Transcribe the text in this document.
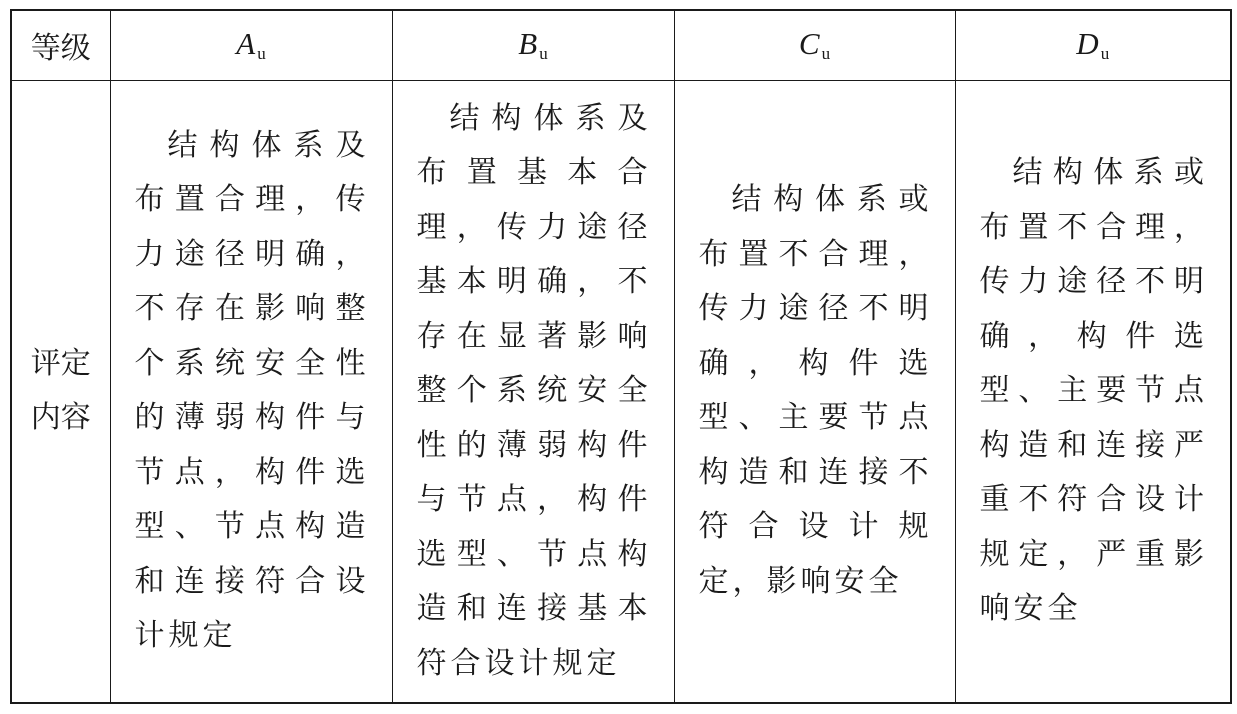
等级	A $_u$	B $_u$	C $_u$	D $_u$

评定内容	结构体系及布置合理，传力途径明确，不存在影响整个系统安全性的薄弱构件与节点，构件选型、节点构造和连接符合设计规定	结构体系及布置基本合理，传力途径基本明确，不存在显著影响整个系统安全性的薄弱构件与节点，构件选型、节点构造和连接基本符合设计规定	结构体系或布置不合理，传力途径不明确，构件选型、主要节点构造和连接不符合设计规定，影响安全	结构体系或布置不合理，传力途径不明确，构件选型、主要节点构造和连接严重不符合设计规定，严重影响安全
